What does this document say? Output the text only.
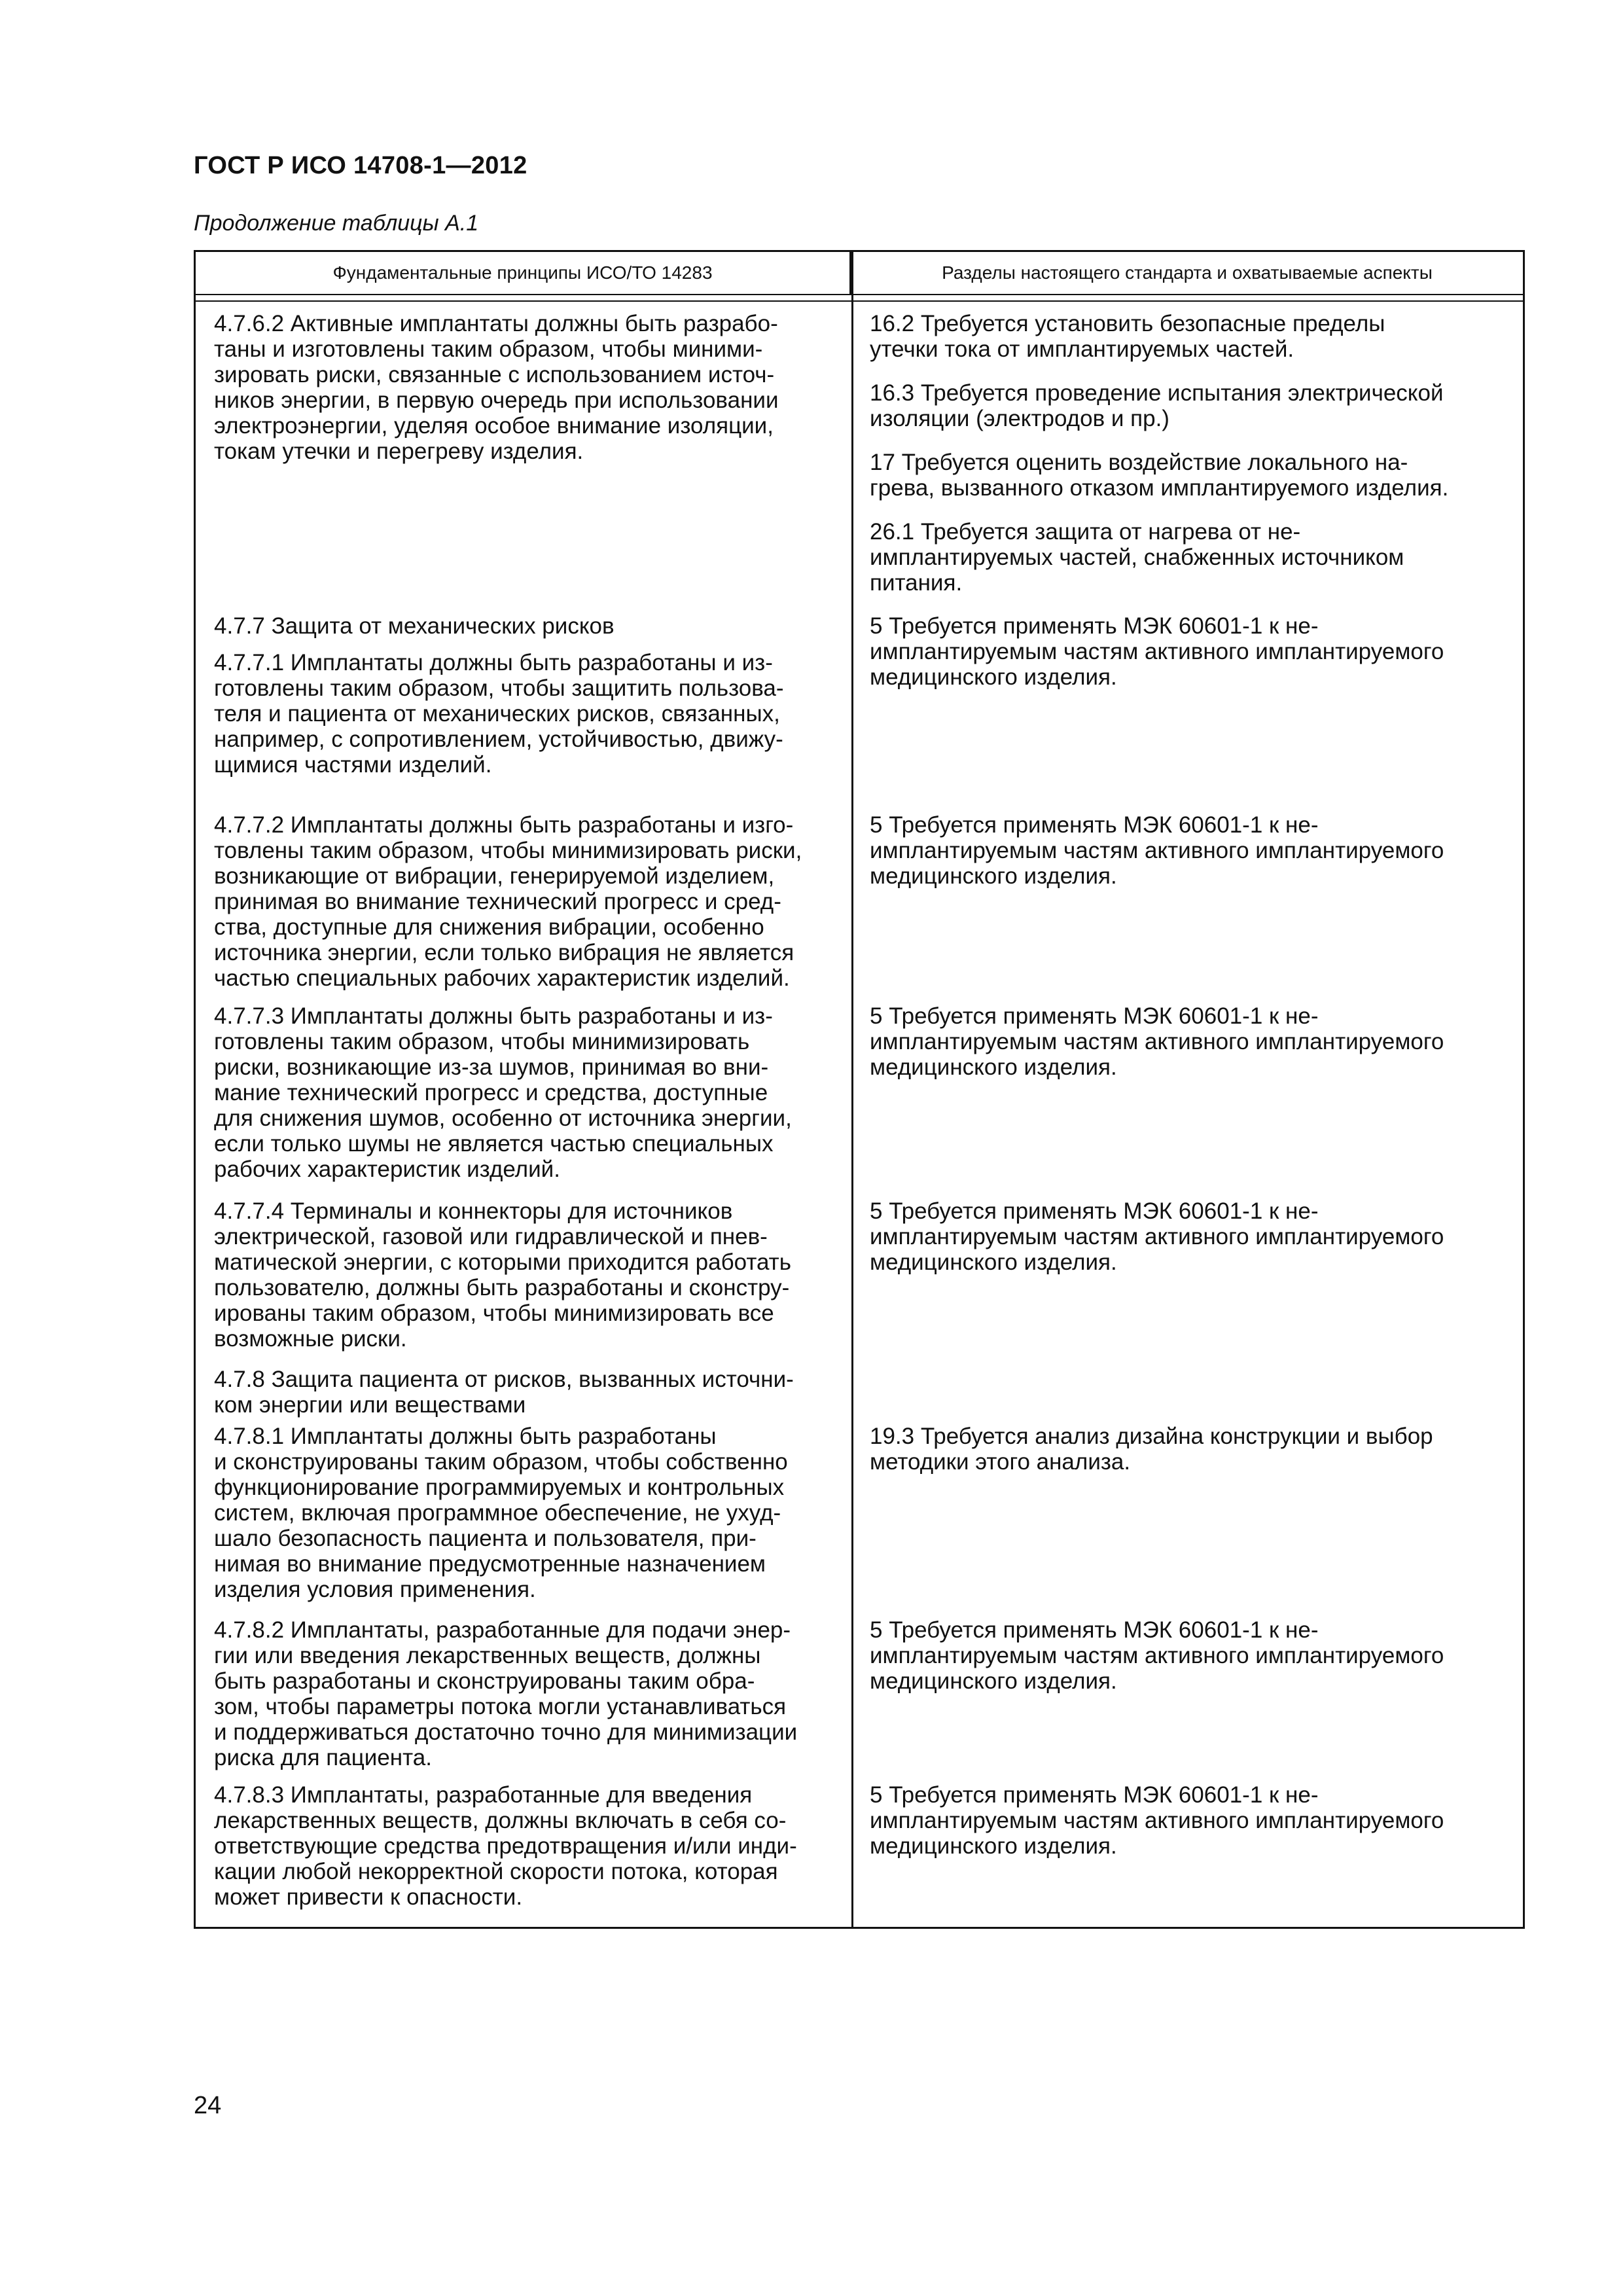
ГОСТ Р ИСО 14708-1—2012
Продолжение таблицы А.1
Фундаментальные принципы ИСО/ТО 14283	Разделы настоящего стандарта и охватываемые аспекты
4.7.6.2 Активные имплантаты должны быть разрабо-
таны и изготовлены таким образом, чтобы миними-
зировать риски, связанные с использованием источ-
ников энергии, в первую очередь при использовании
электроэнергии, уделяя особое внимание изоляции,
токам утечки и перегреву изделия.
4.7.7 Защита от механических рисков
4.7.7.1 Имплантаты должны быть разработаны и из-
готовлены таким образом, чтобы защитить пользова-
теля и пациента от механических рисков, связанных,
например, с сопротивлением, устойчивостью, движу-
щимися частями изделий.
4.7.7.2 Имплантаты должны быть разработаны и изго-
товлены таким образом, чтобы минимизировать риски,
возникающие от вибрации, генерируемой изделием,
принимая во внимание технический прогресс и сред-
ства, доступные для снижения вибрации, особенно
источника энергии, если только вибрация не является
частью специальных рабочих характеристик изделий.
4.7.7.3 Имплантаты должны быть разработаны и из-
готовлены таким образом, чтобы минимизировать
риски, возникающие из-за шумов, принимая во вни-
мание технический прогресс и средства, доступные
для снижения шумов, особенно от источника энергии,
если только шумы не является частью специальных
рабочих характеристик изделий.
4.7.7.4 Терминалы и коннекторы для источников
электрической, газовой или гидравлической и пнев-
матической энергии, с которыми приходится работать
пользователю, должны быть разработаны и сконстру-
ированы таким образом, чтобы минимизировать все
возможные риски.
4.7.8 Защита пациента от рисков, вызванных источни-
ком энергии или веществами
4.7.8.1 Имплантаты должны быть разработаны
и сконструированы таким образом, чтобы собственно
функционирование программируемых и контрольных
систем, включая программное обеспечение, не ухуд-
шало безопасность пациента и пользователя, при-
нимая во внимание предусмотренные назначением
изделия условия применения.
4.7.8.2 Имплантаты, разработанные для подачи энер-
гии или введения лекарственных веществ, должны
быть разработаны и сконструированы таким обра-
зом, чтобы параметры потока могли устанавливаться
и поддерживаться достаточно точно для минимизации
риска для пациента.
4.7.8.3 Имплантаты, разработанные для введения
лекарственных веществ, должны включать в себя со-
ответствующие средства предотвращения и/или инди-
кации любой некорректной скорости потока, которая
может привести к опасности.
16.2 Требуется установить безопасные пределы
утечки тока от имплантируемых частей.
16.3 Требуется проведение испытания электрической
изоляции (электродов и пр.)
17 Требуется оценить воздействие локального на-
грева, вызванного отказом имплантируемого изделия.
26.1 Требуется защита от нагрева от не-
имплантируемых частей, снабженных источником
питания.
5 Требуется применять МЭК 60601-1 к не-
имплантируемым частям активного имплантируемого
медицинского изделия.
5 Требуется применять МЭК 60601-1 к не-
имплантируемым частям активного имплантируемого
медицинского изделия.
5 Требуется применять МЭК 60601-1 к не-
имплантируемым частям активного имплантируемого
медицинского изделия.
5 Требуется применять МЭК 60601-1 к не-
имплантируемым частям активного имплантируемого
медицинского изделия.
19.3 Требуется анализ дизайна конструкции и выбор
методики этого анализа.
5 Требуется применять МЭК 60601-1 к не-
имплантируемым частям активного имплантируемого
медицинского изделия.
5 Требуется применять МЭК 60601-1 к не-
имплантируемым частям активного имплантируемого
медицинского изделия.
24
